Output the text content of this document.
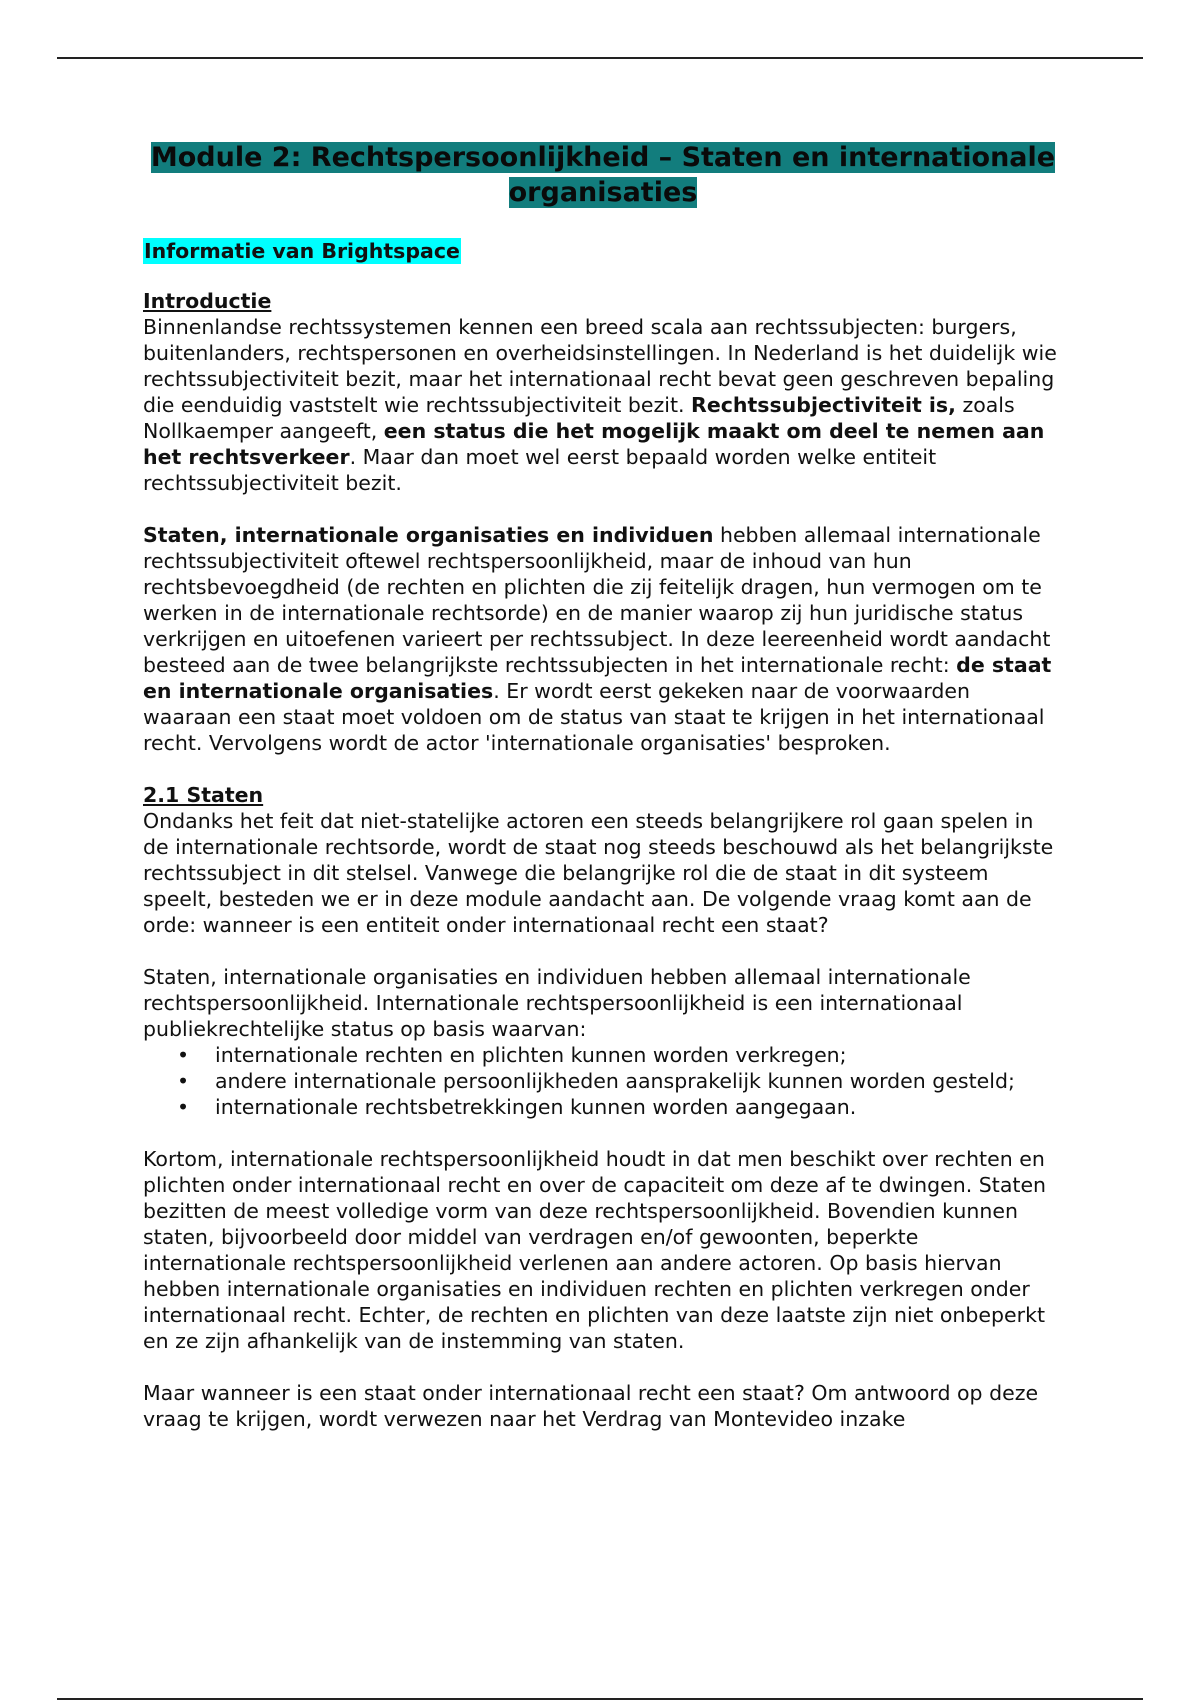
Module 2: Rechtspersoonlijkheid – Staten en internationale organisaties
Informatie van Brightspace
Introductie

Binnenlandse rechtssystemen kennen een breed scala aan rechtssubjecten: burgers, buitenlanders, rechtspersonen en overheidsinstellingen. In Nederland is het duidelijk wie rechtssubjectiviteit bezit, maar het internationaal recht bevat geen geschreven bepaling die eenduidig vaststelt wie rechtssubjectiviteit bezit. Rechtssubjectiviteit is, zoals Nollkaemper aangeeft, een status die het mogelijk maakt om deel te nemen aan het rechtsverkeer. Maar dan moet wel eerst bepaald worden welke entiteit rechtssubjectiviteit bezit.

Staten, internationale organisaties en individuen hebben allemaal internationale rechtssubjectiviteit oftewel rechtspersoonlijkheid, maar de inhoud van hun rechtsbevoegdheid (de rechten en plichten die zij feitelijk dragen, hun vermogen om te werken in de internationale rechtsorde) en de manier waarop zij hun juridische status verkrijgen en uitoefenen varieert per rechtssubject. In deze leereenheid wordt aandacht besteed aan de twee belangrijkste rechtssubjecten in het internationale recht: de staat en internationale organisaties. Er wordt eerst gekeken naar de voorwaarden waaraan een staat moet voldoen om de status van staat te krijgen in het internationaal recht. Vervolgens wordt de actor 'internationale organisaties' besproken.

2.1 Staten

Ondanks het feit dat niet-statelijke actoren een steeds belangrijkere rol gaan spelen in de internationale rechtsorde, wordt de staat nog steeds beschouwd als het belangrijkste rechtssubject in dit stelsel. Vanwege die belangrijke rol die de staat in dit systeem speelt, besteden we er in deze module aandacht aan. De volgende vraag komt aan de orde: wanneer is een entiteit onder internationaal recht een staat?

Staten, internationale organisaties en individuen hebben allemaal internationale rechtspersoonlijkheid. Internationale rechtspersoonlijkheid is een internationaal publiekrechtelijke status op basis waarvan:

• internationale rechten en plichten kunnen worden verkregen;
• andere internationale persoonlijkheden aansprakelijk kunnen worden gesteld;
• internationale rechtsbetrekkingen kunnen worden aangegaan.

Kortom, internationale rechtspersoonlijkheid houdt in dat men beschikt over rechten en plichten onder internationaal recht en over de capaciteit om deze af te dwingen. Staten bezitten de meest volledige vorm van deze rechtspersoonlijkheid. Bovendien kunnen staten, bijvoorbeeld door middel van verdragen en/of gewoonten, beperkte internationale rechtspersoonlijkheid verlenen aan andere actoren. Op basis hiervan hebben internationale organisaties en individuen rechten en plichten verkregen onder internationaal recht. Echter, de rechten en plichten van deze laatste zijn niet onbeperkt en ze zijn afhankelijk van de instemming van staten.

Maar wanneer is een staat onder internationaal recht een staat? Om antwoord op deze vraag te krijgen, wordt verwezen naar het Verdrag van Montevideo inzake
